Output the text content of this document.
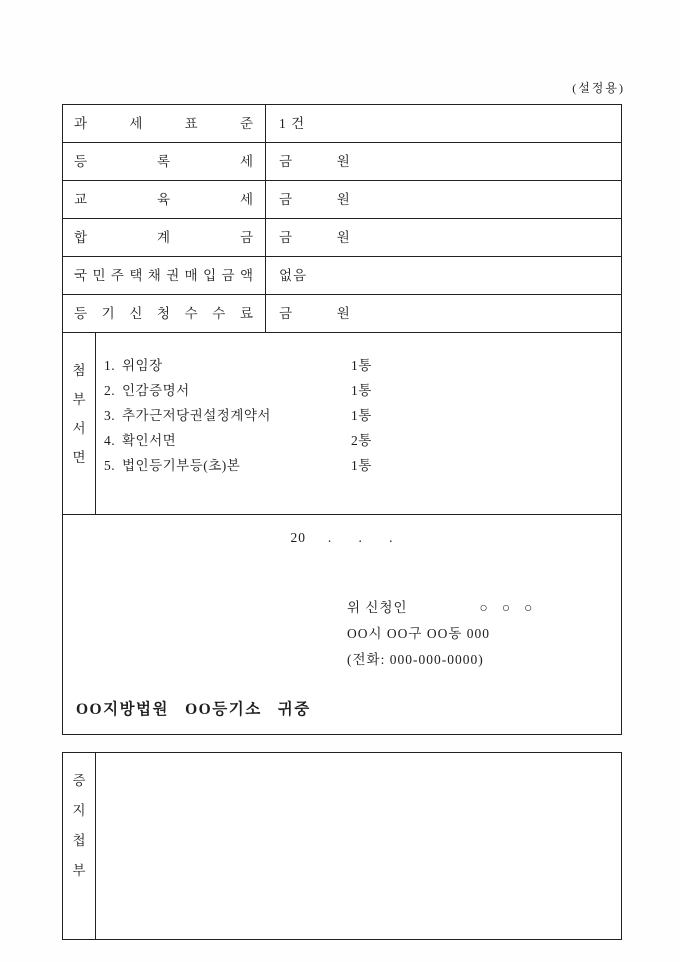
(설정용)
과 세 표 준	1 건
등 록 세	금          원
교 육 세	금          원
합 계 금	금          원
국 민 주 택 채 권 매 입 금 액	없음
등 기 신 청 수 수 료	금          원
첨부서면
1. 위임장	1통
2. 인감증명서	1통
3. 추가근저당권설정계약서	1통
4. 확인서면	2통
5. 법인등기부등(초)본	1통
20     .      .      .
위 신청인	○   ○   ○
OO시 OO구 OO동 000
(전화: 000-000-0000)
OO지방법원   OO등기소   귀중
증지첩부
